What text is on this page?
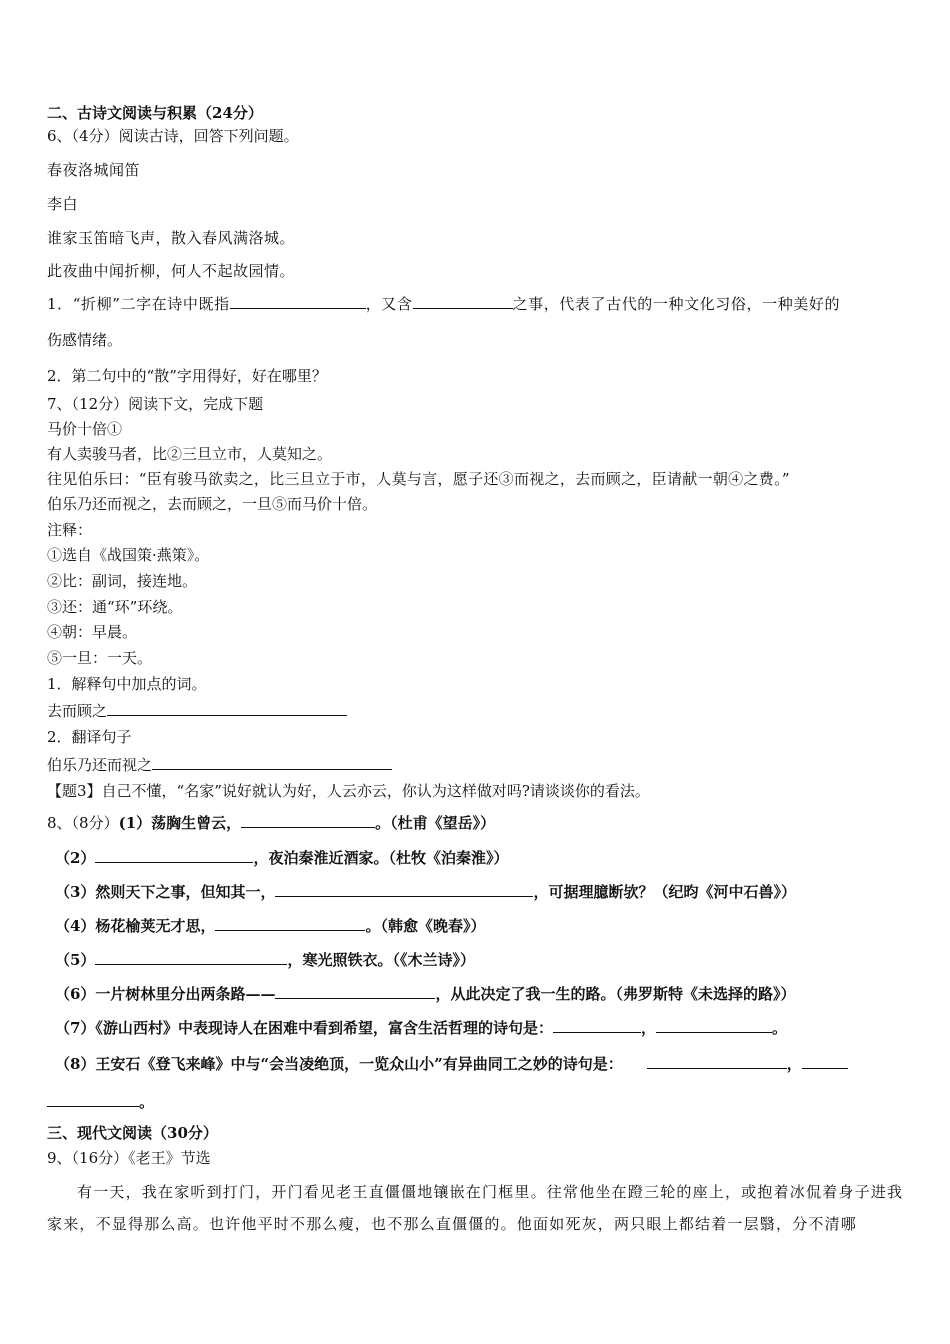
二、古诗文阅读与积累（24分）
6、（4分）阅读古诗，回答下列问题。
春夜洛城闻笛
李白
谁家玉笛暗飞声，散入春风满洛城。
此夜曲中闻折柳，何人不起故园情。
1．“折柳”二字在诗中既指	，又含	之事，代表了古代的一种文化习俗，一种美好的
伤感情绪。
2．第二句中的“散”字用得好，好在哪里？
7、（12分）阅读下文，完成下题
马价十倍①
有人卖骏马者，比②三旦立市，人莫知之。
往见伯乐曰：“臣有骏马欲卖之，比三旦立于市，人莫与言，愿子还③而视之，去而顾之，臣请献一朝④之费。”
伯乐乃还而视之，去而顾之，一旦⑤而马价十倍。
注释：
①选自《战国策·燕策》。
②比：副词，接连地。
③还：通“环”环绕。
④朝：早晨。
⑤一旦：一天。
1．解释句中加点的词。
去而顾之
2．翻译句子
伯乐乃还而视之
【题3】自己不懂，“名家”说好就认为好，人云亦云，你认为这样做对吗?请谈谈你的看法。
8、（8分）(1）荡胸生曾云，	。（杜甫《望岳》）
（2）	，夜泊秦淮近酒家。（杜牧《泊秦淮》）
（3）然则天下之事，但知其一，	，可据理臆断欤？（纪昀《河中石兽》）
（4）杨花榆荚无才思，	。（韩愈《晚春》）
（5）	，寒光照铁衣。（《木兰诗》）
（6）一片树林里分出两条路——	，从此决定了我一生的路。（弗罗斯特《未选择的路》）
（7）《游山西村》中表现诗人在困难中看到希望，富含生活哲理的诗句是：	，	。
（8）王安石《登飞来峰》中与“会当凌绝顶，一览众山小”有异曲同工之妙的诗句是：	，
。
三、现代文阅读（30分）
9、（16分）《老王》节选
有一天，我在家听到打门，开门看见老王直僵僵地镶嵌在门框里。往常他坐在蹬三轮的座上，或抱着冰侃着身子进我家来，不显得那么高。也许他平时不那么瘦，也不那么直僵僵的。他面如死灰，两只眼上都结着一层翳，分不清哪
